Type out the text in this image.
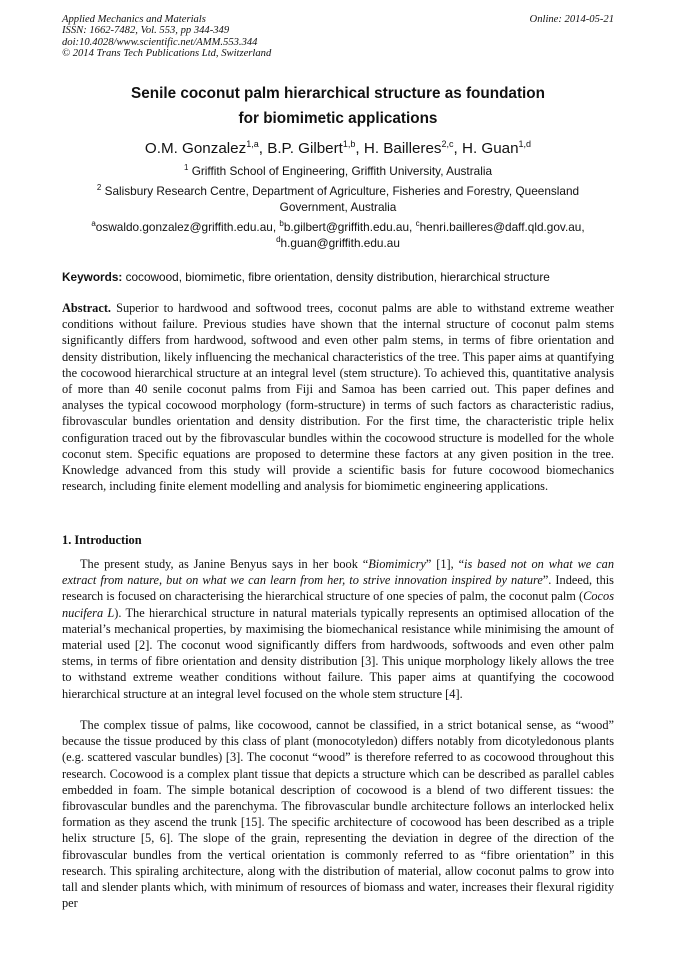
Applied Mechanics and Materials
ISSN: 1662-7482, Vol. 553, pp 344-349
doi:10.4028/www.scientific.net/AMM.553.344
© 2014 Trans Tech Publications Ltd, Switzerland
Online: 2014-05-21
Senile coconut palm hierarchical structure as foundation
for biomimetic applications
O.M. Gonzalez$^{1,a}$, B.P. Gilbert$^{1,b}$, H. Bailleres$^{2,c}$, H. Guan$^{1,d}$
$^1$ Griffith School of Engineering, Griffith University, Australia
$^2$ Salisbury Research Centre, Department of Agriculture, Fisheries and Forestry, Queensland
Government, Australia
$^a$oswaldo.gonzalez@griffith.edu.au, $^b$b.gilbert@griffith.edu.au, $^c$henri.bailleres@daff.qld.gov.au,
$^d$h.guan@griffith.edu.au
Keywords: cocowood, biomimetic, fibre orientation, density distribution, hierarchical structure

Abstract. Superior to hardwood and softwood trees, coconut palms are able to withstand extreme weather conditions without failure. Previous studies have shown that the internal structure of coconut palm stems significantly differs from hardwood, softwood and even other palm stems, in terms of fibre orientation and density distribution, likely influencing the mechanical characteristics of the tree. This paper aims at quantifying the cocowood hierarchical structure at an integral level (stem structure). To achieved this, quantitative analysis of more than 40 senile coconut palms from Fiji and Samoa has been carried out. This paper defines and analyses the typical cocowood morphology (form-structure) in terms of such factors as characteristic radius, fibrovascular bundles orientation and density distribution. For the first time, the characteristic triple helix configuration traced out by the fibrovascular bundles within the cocowood structure is modelled for the whole coconut stem. Specific equations are proposed to determine these factors at any given position in the tree. Knowledge advanced from this study will provide a scientific basis for future cocowood biomechanics research, including finite element modelling and analysis for biomimetic engineering applications.

1. Introduction

The present study, as Janine Benyus says in her book “Biomimicry” [1], “is based not on what we can extract from nature, but on what we can learn from her, to strive innovation inspired by nature”. Indeed, this research is focused on characterising the hierarchical structure of one species of palm, the coconut palm (Cocos nucifera L). The hierarchical structure in natural materials typically represents an optimised allocation of the material’s mechanical properties, by maximising the biomechanical resistance while minimising the amount of material used [2]. The coconut wood significantly differs from hardwoods, softwoods and even other palm stems, in terms of fibre orientation and density distribution [3]. This unique morphology likely allows the tree to withstand extreme weather conditions without failure. This paper aims at quantifying the cocowood hierarchical structure at an integral level focused on the whole stem structure [4].

The complex tissue of palms, like cocowood, cannot be classified, in a strict botanical sense, as “wood” because the tissue produced by this class of plant (monocotyledon) differs notably from dicotyledonous plants (e.g. scattered vascular bundles) [3]. The coconut “wood” is therefore referred to as cocowood throughout this research. Cocowood is a complex plant tissue that depicts a structure which can be described as parallel cables embedded in foam. The simple botanical description of cocowood is a blend of two different tissues: the fibrovascular bundles and the parenchyma. The fibrovascular bundle architecture follows an interlocked helix formation as they ascend the trunk [15]. The specific architecture of cocowood has been described as a triple helix structure [5, 6]. The slope of the grain, representing the deviation in degree of the direction of the fibrovascular bundles from the vertical orientation is commonly referred to as “fibre orientation” in this research. This spiraling architecture, along with the distribution of material, allow coconut palms to grow into tall and slender plants which, with minimum of resources of biomass and water, increases their flexural rigidity per
